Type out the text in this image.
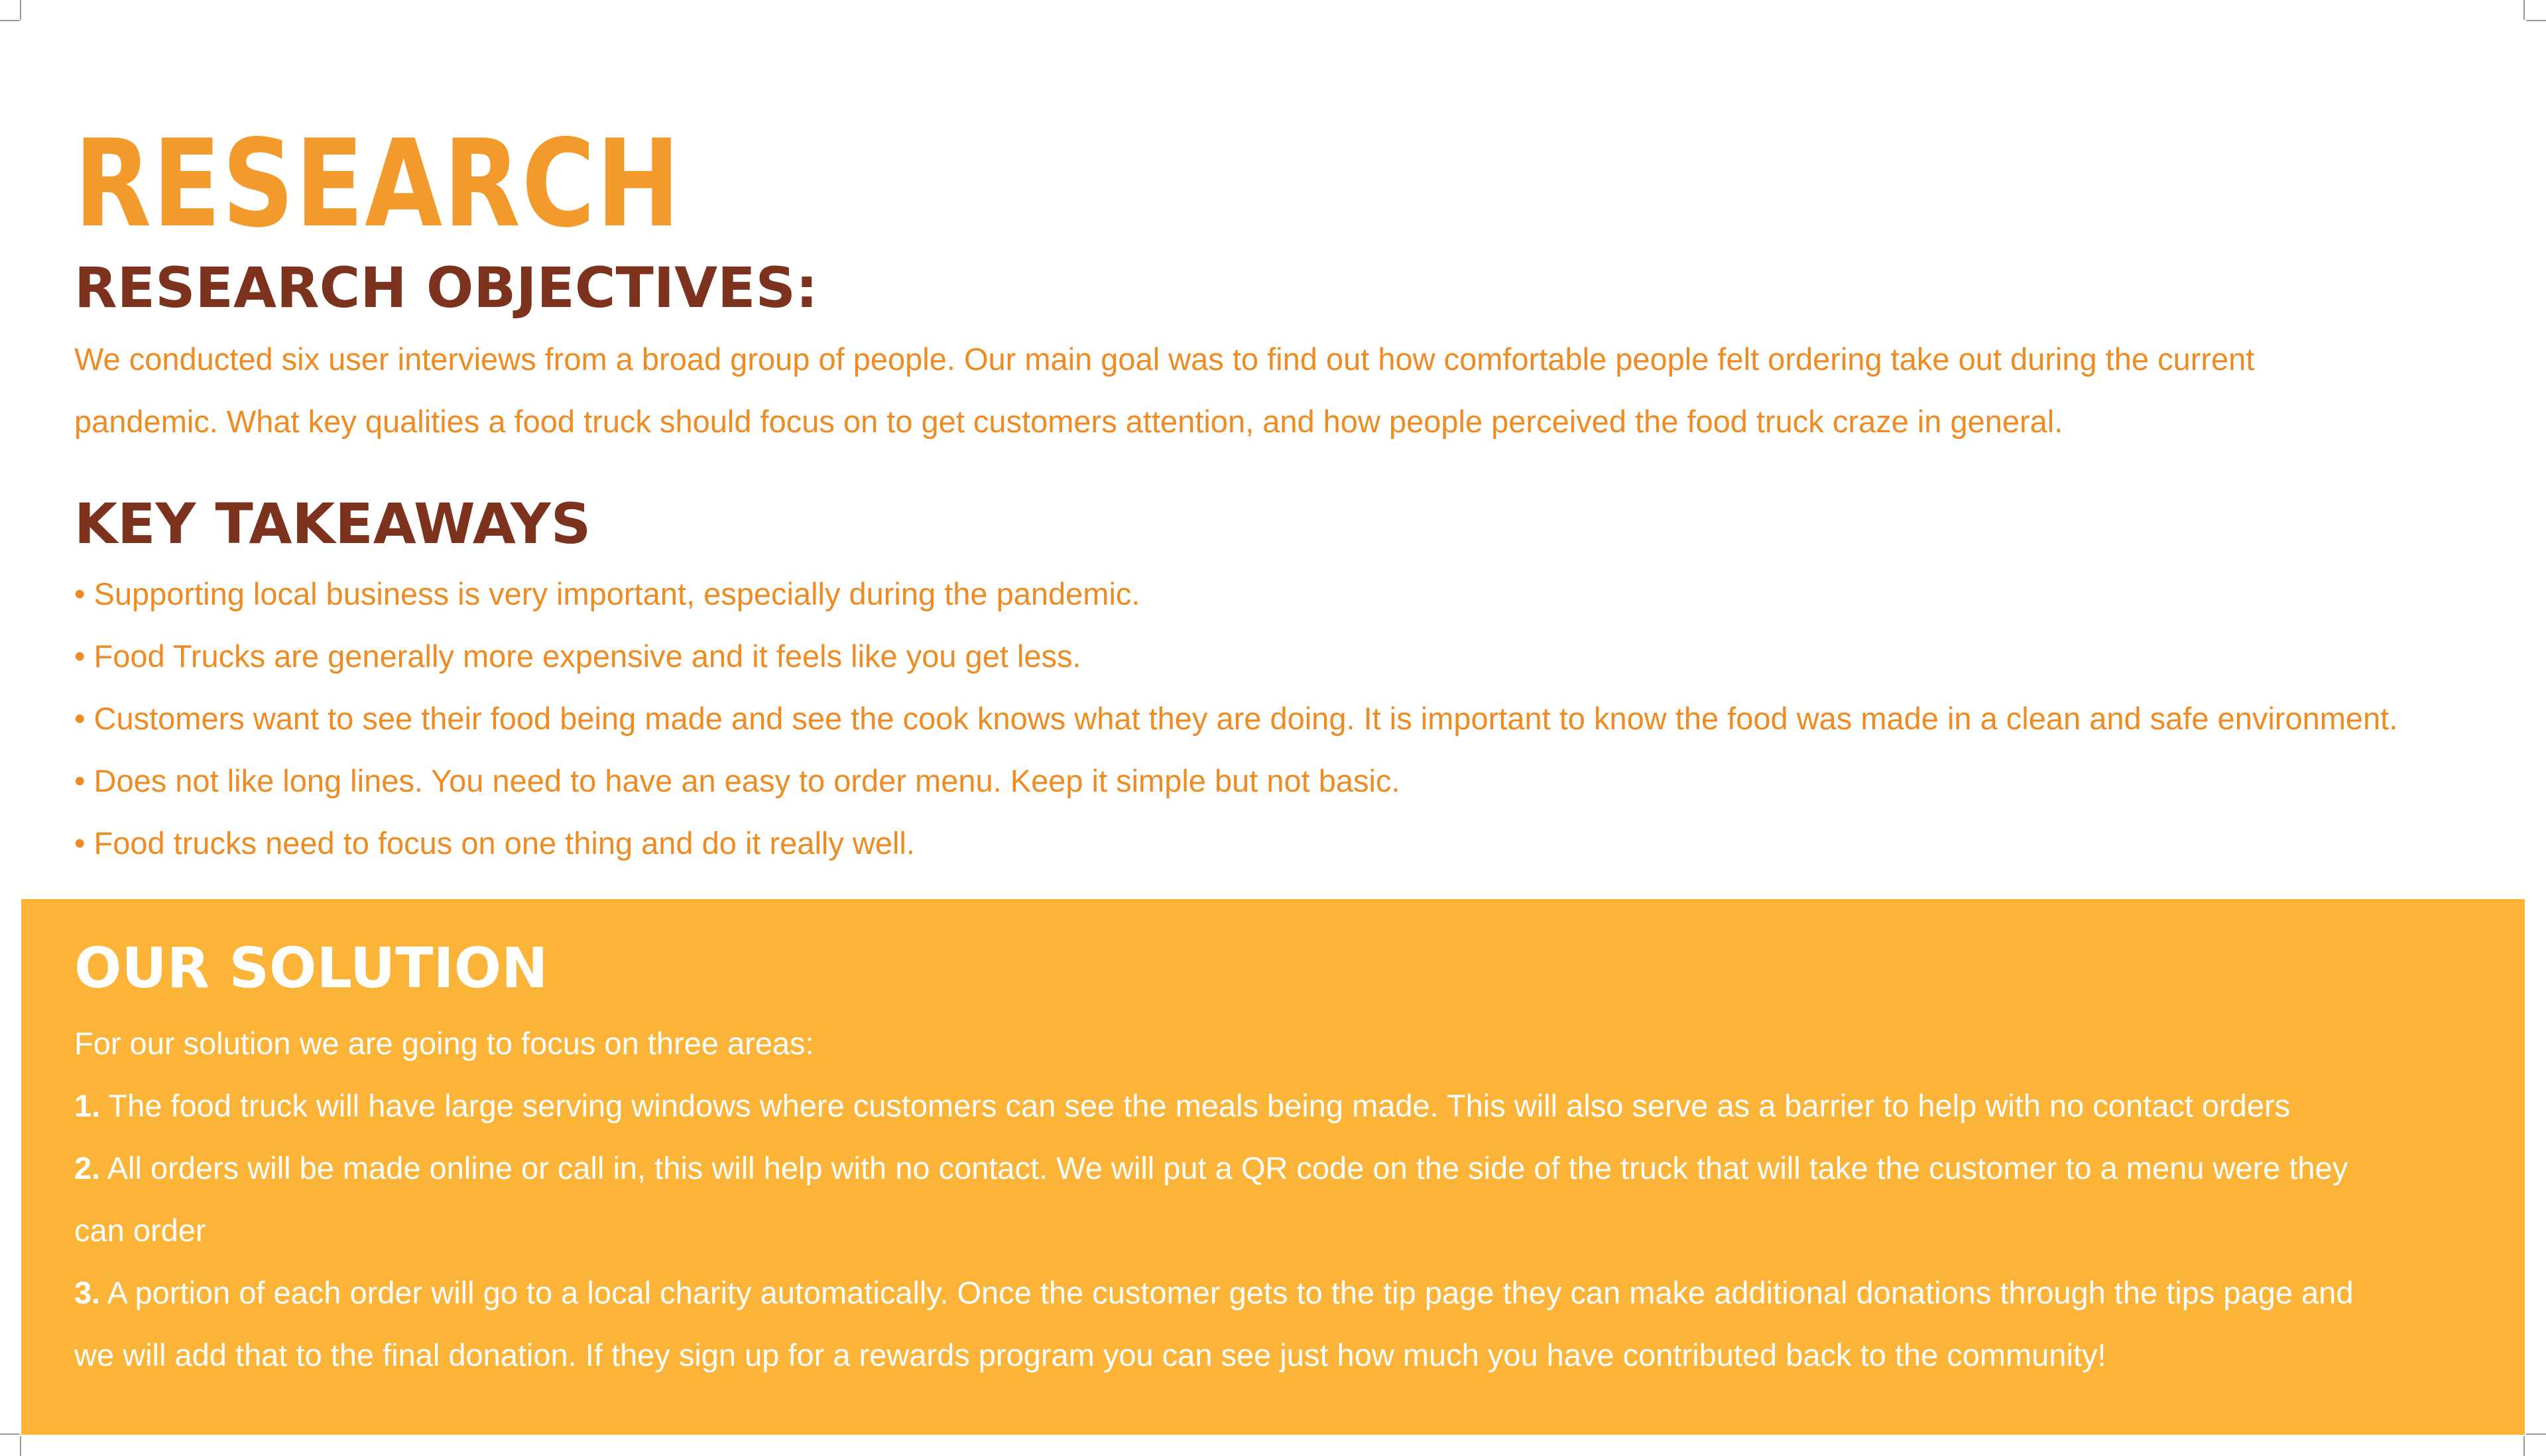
RESEARCH
RESEARCH OBJECTIVES:

We conducted six user interviews from a broad group of people. Our main goal was to find out how comfortable people felt ordering take out during the current

pandemic. What key qualities a food truck should focus on to get customers attention, and how people perceived the food truck craze in general.

KEY TAKEAWAYS

• Supporting local business is very important, especially during the pandemic.

• Food Trucks are generally more expensive and it feels like you get less.

• Customers want to see their food being made and see the cook knows what they are doing. It is important to know the food was made in a clean and safe environment.

• Does not like long lines. You need to have an easy to order menu. Keep it simple but not basic.

• Food trucks need to focus on one thing and do it really well.

OUR SOLUTION

For our solution we are going to focus on three areas:

1. The food truck will have large serving windows where customers can see the meals being made. This will also serve as a barrier to help with no contact orders

2. All orders will be made online or call in, this will help with no contact. We will put a QR code on the side of the truck that will take the customer to a menu were they

can order

3. A portion of each order will go to a local charity automatically. Once the customer gets to the tip page they can make additional donations through the tips page and

we will add that to the final donation. If they sign up for a rewards program you can see just how much you have contributed back to the community!
